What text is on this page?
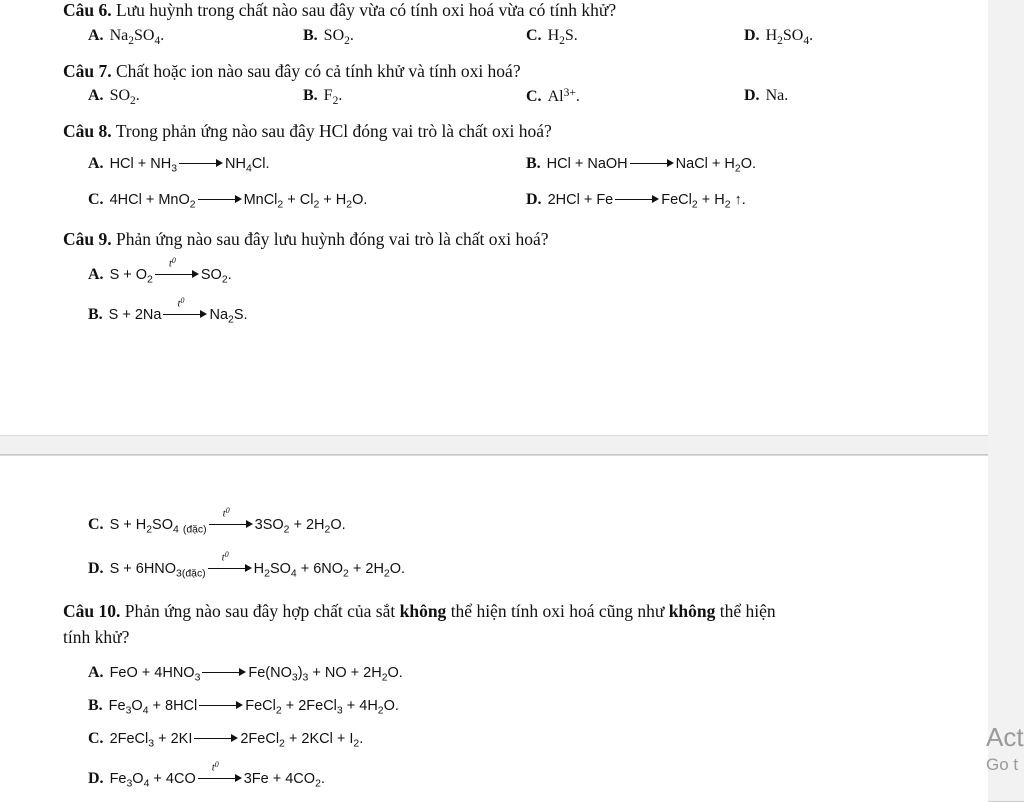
Câu 6. Lưu huỳnh trong chất nào sau đây vừa có tính oxi hoá vừa có tính khử?
A. $Na_2SO_4$.	B. $SO_2$.	C. $H_2S$.	D. $H_2SO_4$.
Câu 7. Chất hoặc ion nào sau đây có cả tính khử và tính oxi hoá?
A. $SO_2$.	B. $F_2$.	C. $Al^{3+}$.	D. Na.
Câu 8. Trong phản ứng nào sau đây HCl đóng vai trò là chất oxi hoá?
A. HCl + $NH_3$	$NH_4Cl$.	B. HCl + NaOH	NaCl + $H_2O$.
C. 4HCl + MnO$_2$	MnCl$_2$ + $Cl_2 + H_2O$.	D. 2HCl + Fe	FeCl$_2$ + $H_2$ ↑.
Câu 9. Phản ứng nào sau đây lưu huỳnh đóng vai trò là chất oxi hoá?
A. $S + O_2$
$t^0$
$SO_2$.
B. S + 2Na
$t^0$
$Na_2S$.
C. $S + H_2SO_4$ $_{(đặc)}$
$t^0$
$3SO_2 + 2H_2O$.
D. $S + 6HNO_{3(đặc)}$
$t^0$
$H_2SO_4 + 6NO_2 + 2H_2O$.
Câu 10. Phản ứng nào sau đây hợp chất của sắt không thể hiện tính oxi hoá cũng như không thể hiện
tính khử?
A. FeO + $4HNO_3$	$Fe(NO_3)_3$ + NO + $2H_2O$.
B. $Fe_3O_4 + 8HCl$	FeCl$_2$ + 2FeCl$_3$ + $4H_2O$.
C. 2FeCl$_3$ + 2KI	2FeCl$_2$ + $2KCl + I_2$.
D. $Fe_3O_4 + 4CO$
$t^0$
$3Fe + 4CO_2$.
Act
Go t
